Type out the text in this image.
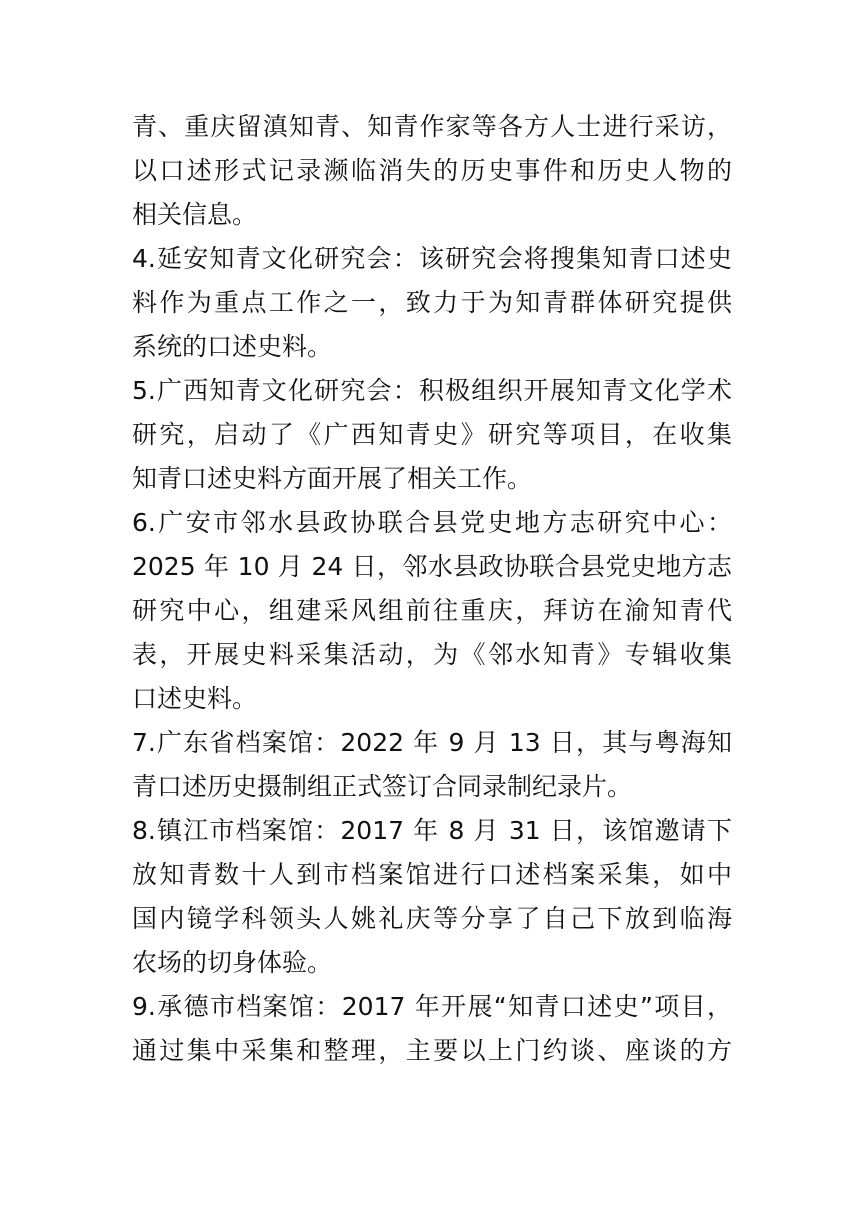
青、重庆留滇知青、知青作家等各方人士进行采访，
以口述形式记录濒临消失的历史事件和历史人物的
相关信息。
4.延安知青文化研究会：该研究会将搜集知青口述史
料作为重点工作之一，致力于为知青群体研究提供
系统的口述史料。
5.广西知青文化研究会：积极组织开展知青文化学术
研究，启动了《广西知青史》研究等项目，在收集
知青口述史料方面开展了相关工作。
6.广安市邻水县政协联合县党史地方志研究中心：
2025 年 10 月 24 日，邻水县政协联合县党史地方志
研究中心，组建采风组前往重庆，拜访在渝知青代
表，开展史料采集活动，为《邻水知青》专辑收集
口述史料。
7.广东省档案馆：2022 年 9 月 13 日，其与粤海知
青口述历史摄制组正式签订合同录制纪录片。
8.镇江市档案馆：2017 年 8 月 31 日，该馆邀请下
放知青数十人到市档案馆进行口述档案采集，如中
国内镜学科领头人姚礼庆等分享了自己下放到临海
农场的切身体验。
9.承德市档案馆：2017 年开展“知青口述史”项目，
通过集中采集和整理，主要以上门约谈、座谈的方
